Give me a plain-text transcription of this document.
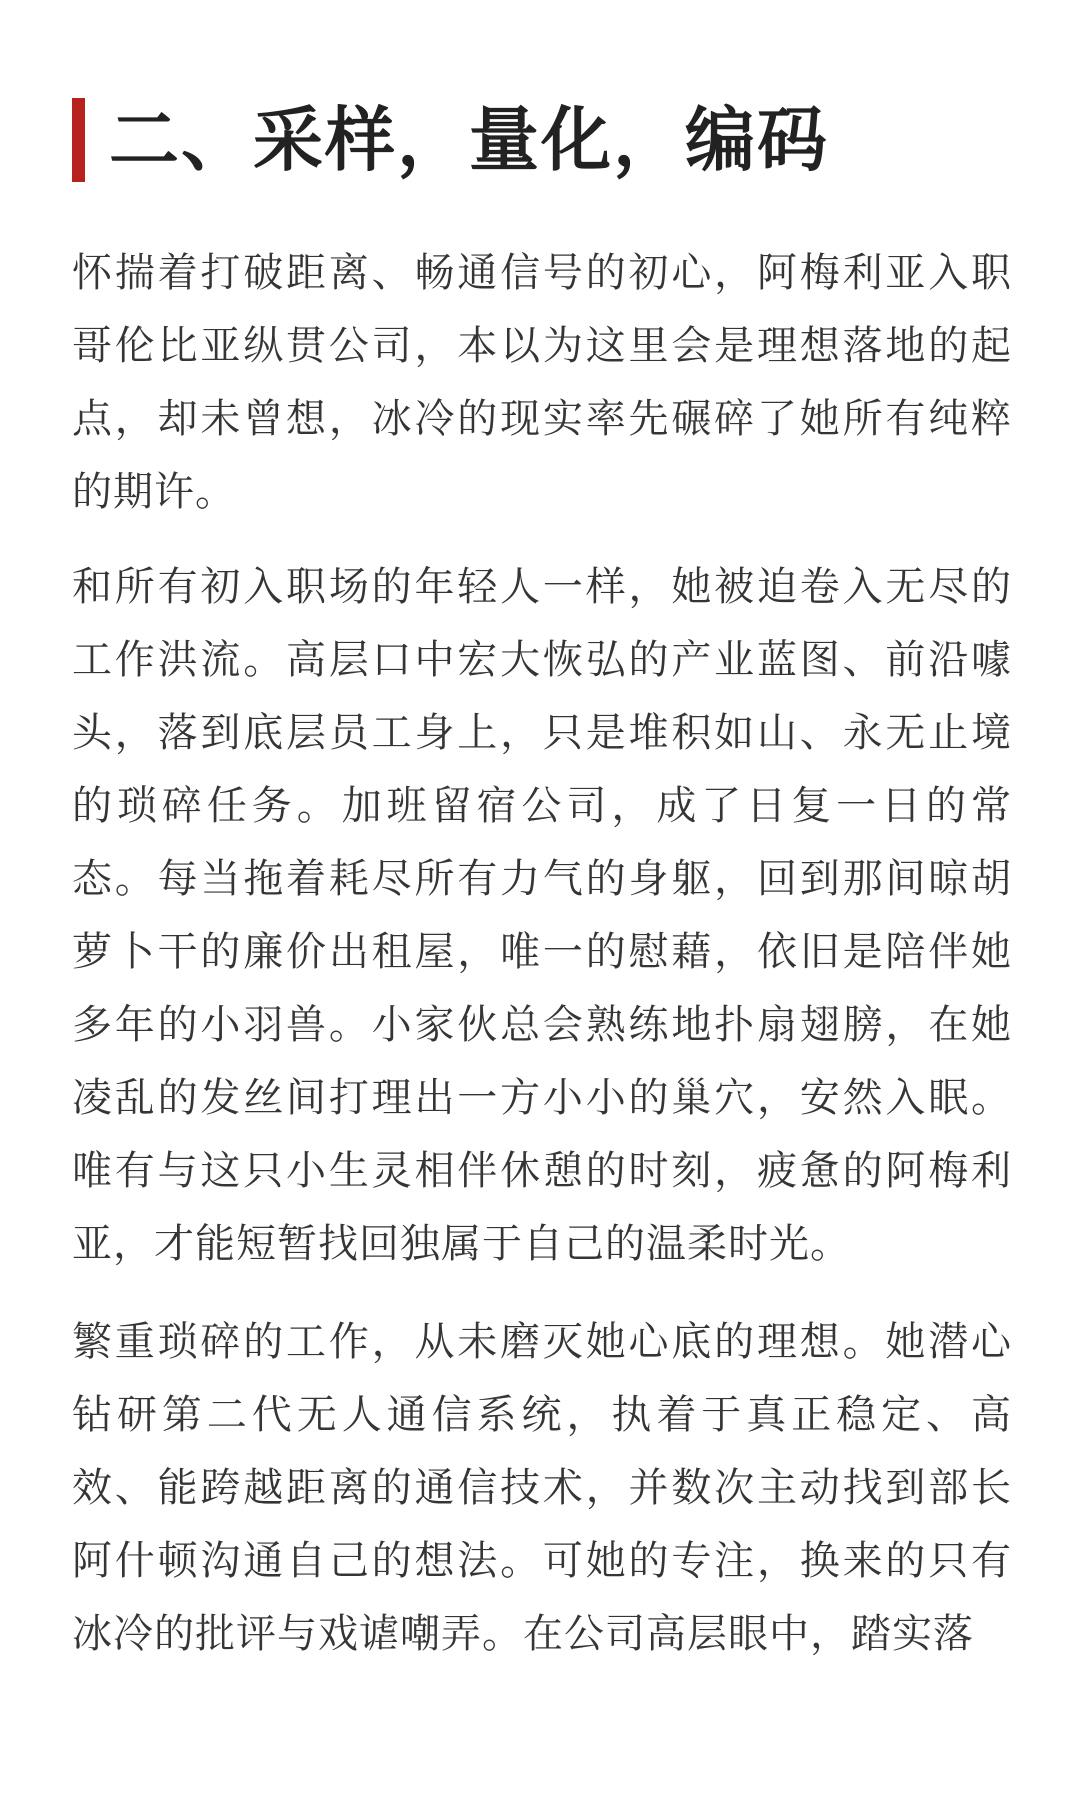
二、采样，量化，编码

怀揣着打破距离、畅通信号的初心，阿梅利亚入职哥伦比亚纵贯公司，本以为这里会是理想落地的起点，却未曾想，冰冷的现实率先碾碎了她所有纯粹的期许。

和所有初入职场的年轻人一样，她被迫卷入无尽的工作洪流。高层口中宏大恢弘的产业蓝图、前沿噱头，落到底层员工身上，只是堆积如山、永无止境的琐碎任务。加班留宿公司，成了日复一日的常态。每当拖着耗尽所有力气的身躯，回到那间晾胡萝卜干的廉价出租屋，唯一的慰藉，依旧是陪伴她多年的小羽兽。小家伙总会熟练地扑扇翅膀，在她凌乱的发丝间打理出一方小小的巢穴，安然入眠。唯有与这只小生灵相伴休憩的时刻，疲惫的阿梅利亚，才能短暂找回独属于自己的温柔时光。

繁重琐碎的工作，从未磨灭她心底的理想。她潜心钻研第二代无人通信系统，执着于真正稳定、高效、能跨越距离的通信技术，并数次主动找到部长阿什顿沟通自己的想法。可她的专注，换来的只有冰冷的批评与戏谑嘲弄。在公司高层眼中，踏实落
